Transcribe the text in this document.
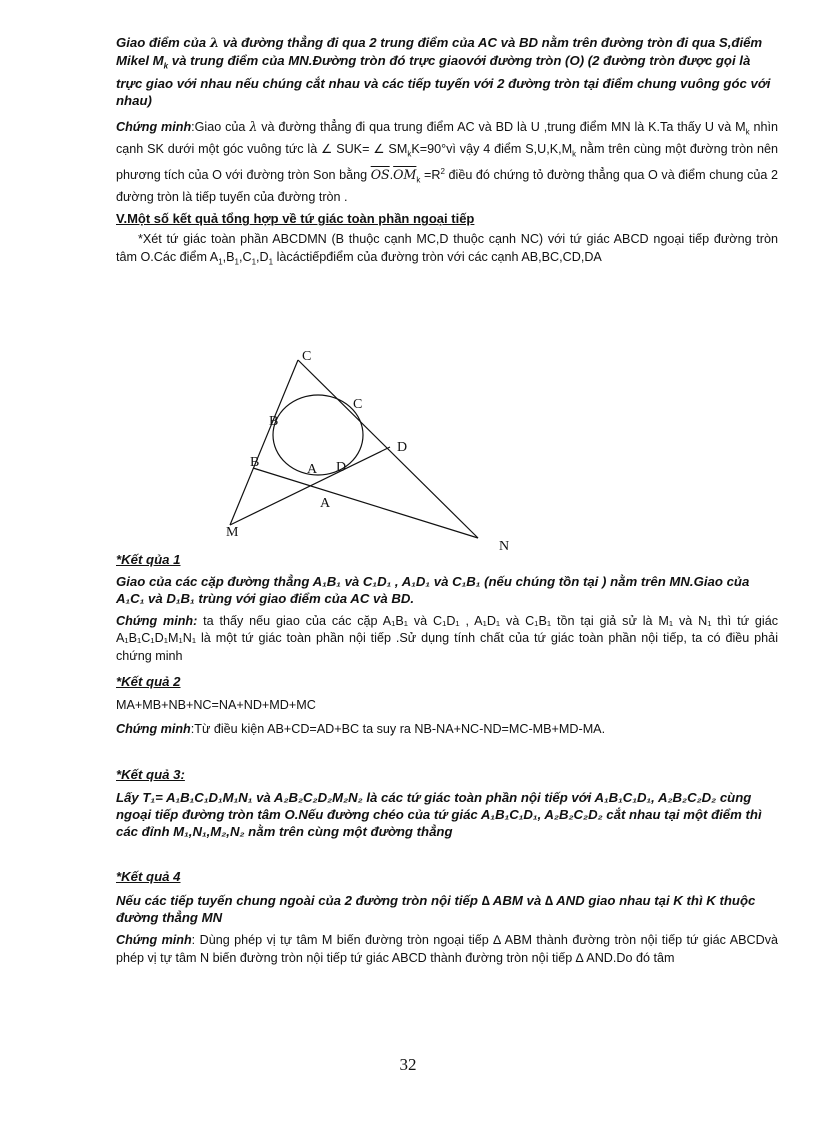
Giao điểm của λ và đường thẳng đi qua 2 trung điểm của AC và BD nằm trên đường tròn đi qua S,điểm Mikel $M_k$ và trung điểm của MN.Đường tròn đó trực giaovới đường tròn (O) (2 đường tròn được gọi là trực giao với nhau nếu chúng cắt nhau và các tiếp tuyến với 2 đường tròn tại điểm chung vuông góc với nhau)

Chứng minh:Giao của λ và đường thẳng đi qua trung điểm AC và BD là U ,trung điểm MN là K.Ta thấy U và $M_k$ nhìn cạnh SK dưới một góc vuông tức là ∠ SUK= ∠ $SM_kK=90^\circ vì$ vậy 4 điểm $S,U,K,M_k$ nằm trên cùng một đường tròn nên phương tích của O với đường tròn Son bằng $\overline{OS}.\overline{OM}_k =R^2$ điều đó chứng tỏ đường thẳng qua O và điểm chung của 2 đường tròn là tiếp tuyến của đường tròn .

V.Một số kết quả tổng hợp về tứ giác toàn phần ngoại tiếp

*Xét tứ giác toàn phần ABCDMN (B thuộc cạnh MC,D thuộc cạnh NC) với tứ giác ABCD ngoại tiếp đường tròn tâm O.Các điểm $A_1,B_1,C_1,D_1$ làcáctiếpđiểm của đường tròn với các cạnh AB,BC,CD,DA

*Kết qủa 1

Giao của các cặp đường thẳng A₁B₁ và C₁D₁ , A₁D₁ và C₁B₁ (nếu chúng tồn tại ) nằm trên MN.Giao của A₁C₁ và D₁B₁ trùng với giao điểm của AC và BD.

Chứng minh: ta thấy nếu giao của các cặp A₁B₁ và C₁D₁ , A₁D₁ và C₁B₁ tồn tại giả sử là M₁ và N₁ thì tứ giác A₁B₁C₁D₁M₁N₁ là một tứ giác toàn phần nội tiếp .Sử dụng tính chất của tứ giác toàn phần nội tiếp, ta có điều phải chứng minh

*Kết quả 2

MA+MB+NB+NC=NA+ND+MD+MC

Chứng minh:Từ điều kiện AB+CD=AD+BC ta suy ra NB-NA+NC-ND=MC-MB+MD-MA.

*Kết quả 3:

Lấy T₁= A₁B₁C₁D₁M₁N₁ và A₂B₂C₂D₂M₂N₂ là các tứ giác toàn phần nội tiếp với A₁B₁C₁D₁, A₂B₂C₂D₂ cùng ngoại tiếp đường tròn tâm O.Nếu đường chéo của tứ giác A₁B₁C₁D₁, A₂B₂C₂D₂ cắt nhau tại một điểm thì các đỉnh M₁,N₁,M₂,N₂ nằm trên cùng một đường thẳng

*Kết quả 4

Nếu các tiếp tuyến chung ngoài của 2 đường tròn nội tiếp ∆ ABM và ∆ AND giao nhau tại K thì K thuộc đường thẳng MN

Chứng minh: Dùng phép vị tự tâm M biến đường tròn ngoại tiếp ∆ ABM thành đường tròn nội tiếp tứ giác ABCDvà phép vị tự tâm N biến đường tròn nội tiếp tứ giác ABCD thành đường tròn nội tiếp ∆ AND.Do đó tâm

C
C
B
D
B	A D
A
M
N
32
